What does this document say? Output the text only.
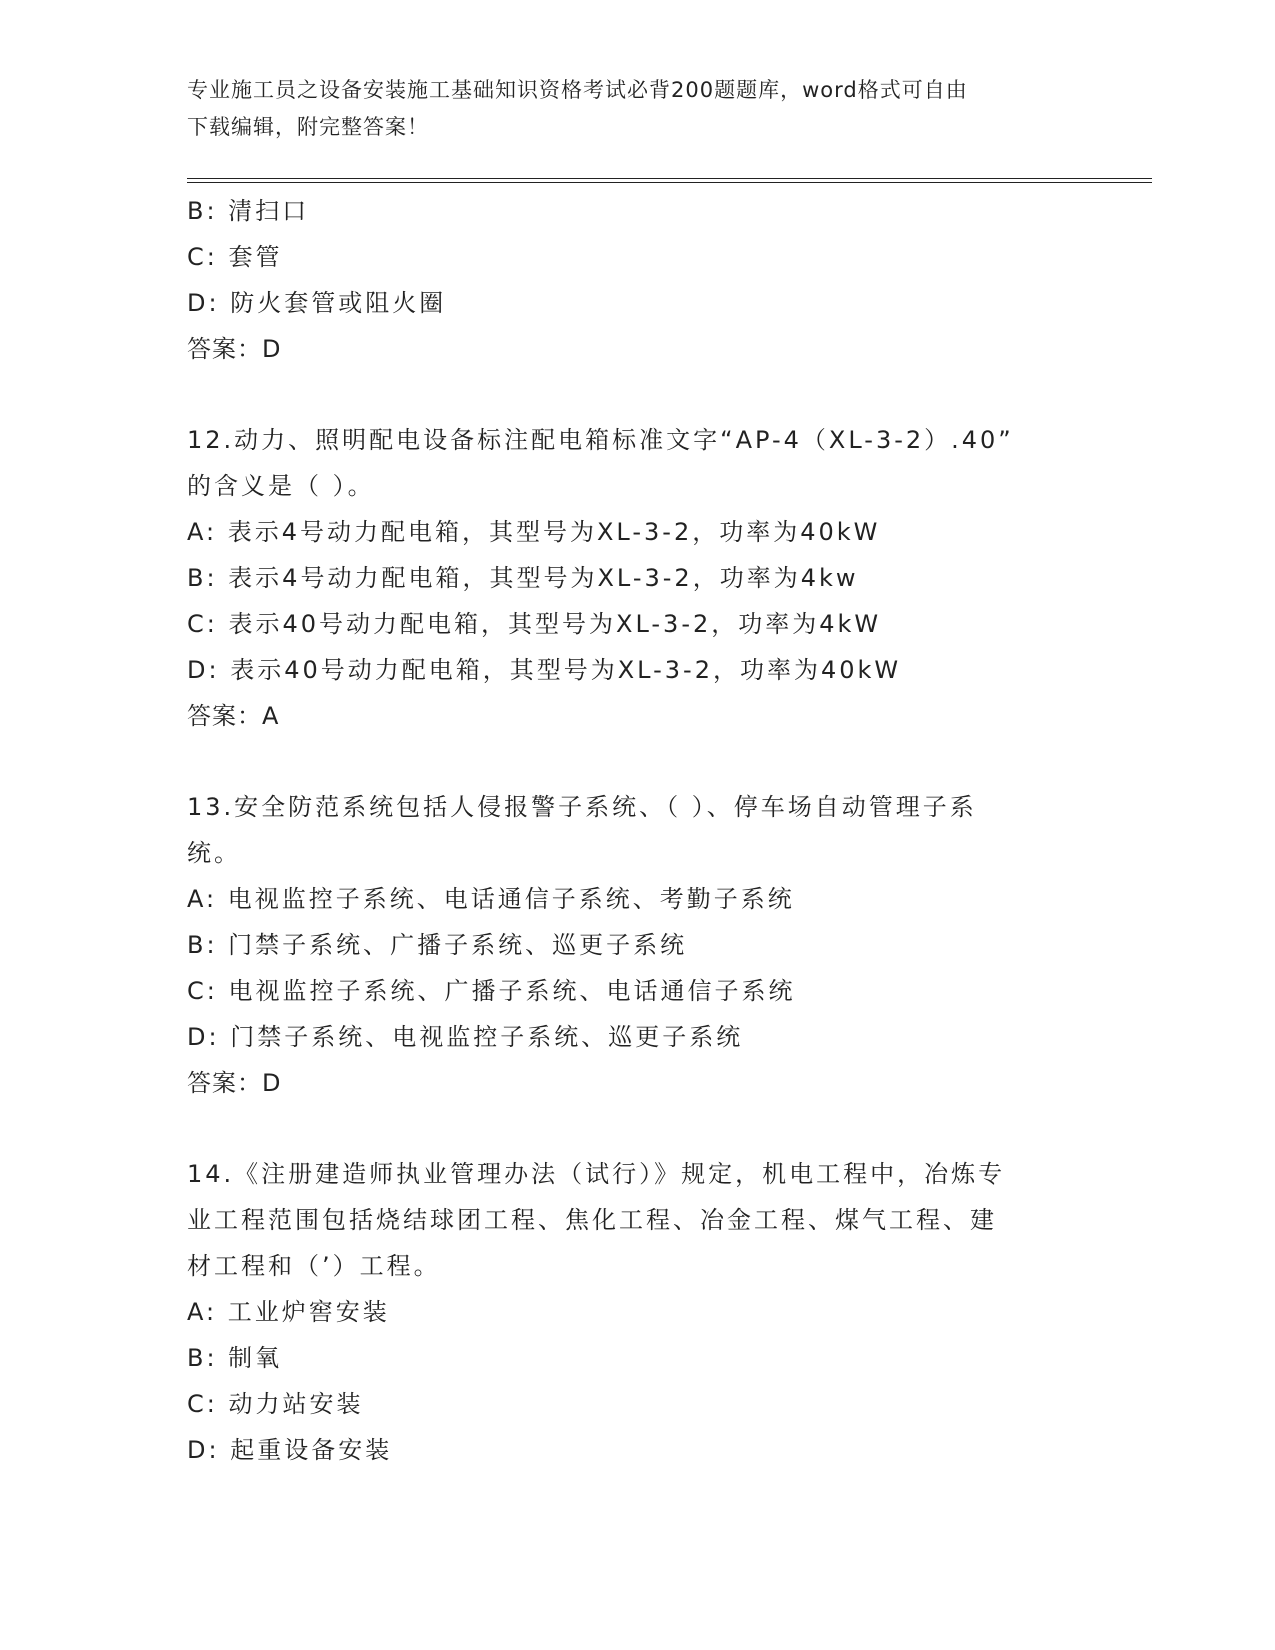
专业施工员之设备安装施工基础知识资格考试必背200题题库，word格式可自由
下载编辑，附完整答案！
B: 清扫口
C: 套管
D: 防火套管或阻火圈
答案：D
12.动力、照明配电设备标注配电箱标准文字“AP-4（XL-3-2）.40”
的含义是（ ）。
A: 表示4号动力配电箱，其型号为XL-3-2，功率为40kW
B: 表示4号动力配电箱，其型号为XL-3-2，功率为4kw
C: 表示40号动力配电箱，其型号为XL-3-2，功率为4kW
D: 表示40号动力配电箱，其型号为XL-3-2，功率为40kW
答案：A
13.安全防范系统包括人侵报警子系统、（ ）、停车场自动管理子系
统。
A: 电视监控子系统、电话通信子系统、考勤子系统
B: 门禁子系统、广播子系统、巡更子系统
C: 电视监控子系统、广播子系统、电话通信子系统
D: 门禁子系统、电视监控子系统、巡更子系统
答案：D
14.《注册建造师执业管理办法（试行）》规定，机电工程中，冶炼专
业工程范围包括烧结球团工程、焦化工程、冶金工程、煤气工程、建
材工程和（’）工程。
A: 工业炉窖安装
B: 制氧
C: 动力站安装
D: 起重设备安装
